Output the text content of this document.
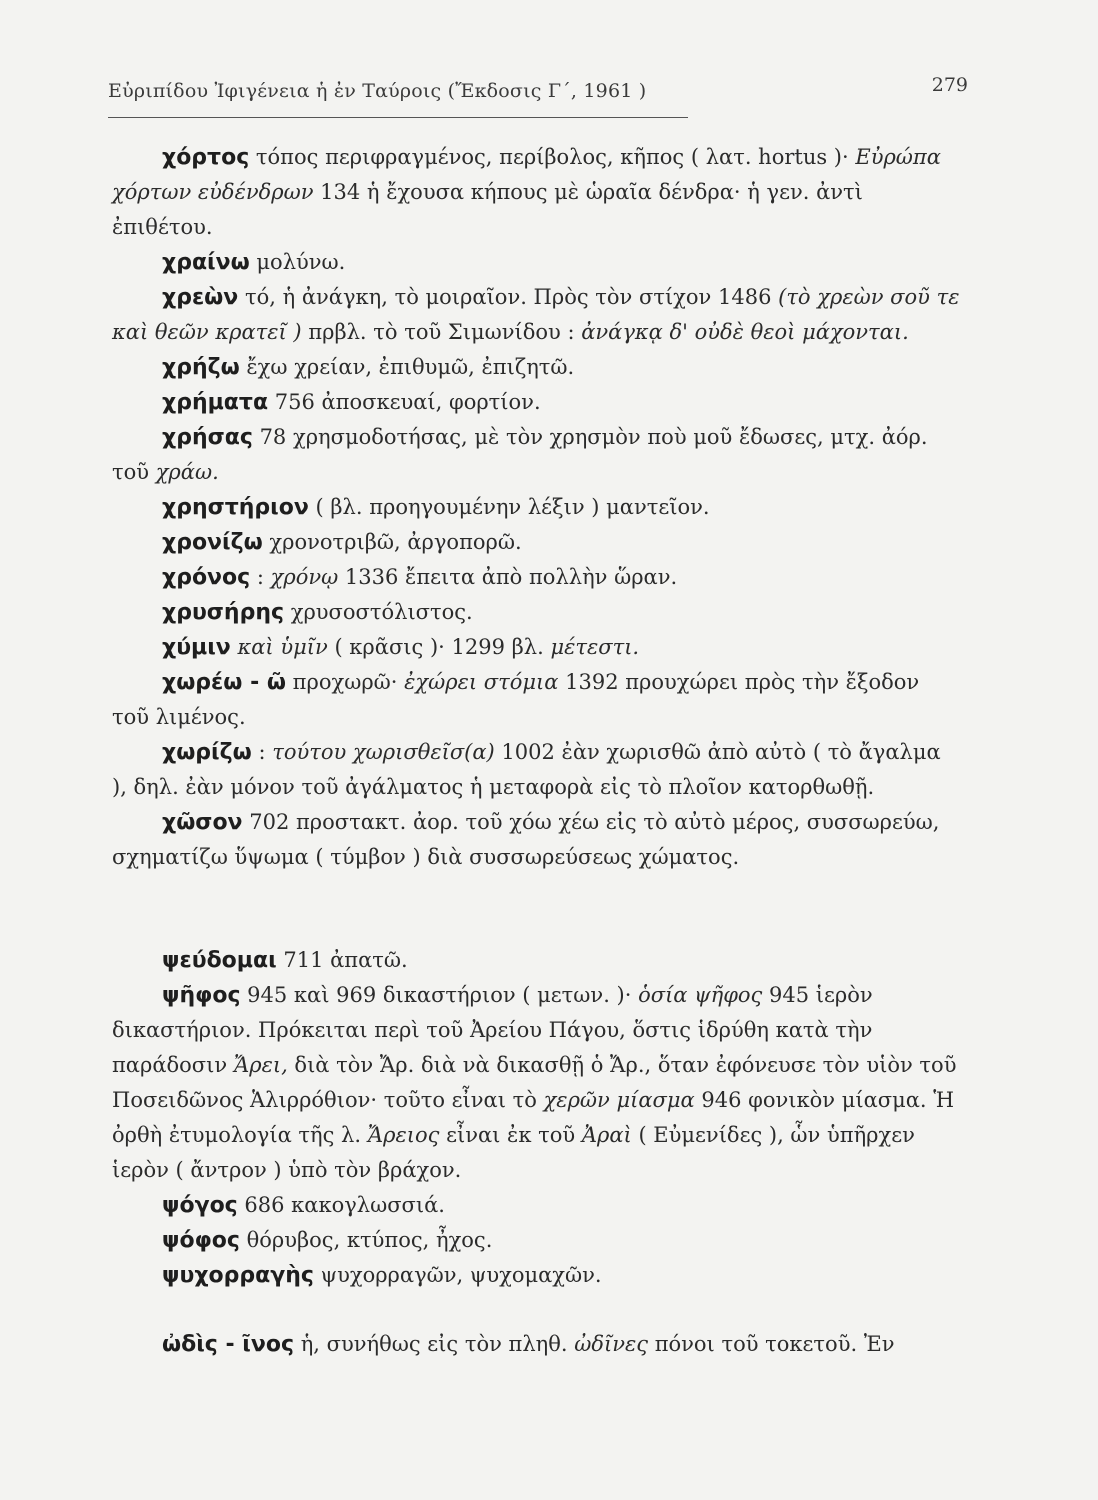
Εὐριπίδου Ἰφιγένεια ἡ ἐν Ταύροις (Ἔκδοσις Γ΄, 1961 )	279
χόρτος τόπος περιφραγμένος, περίβολος, κῆπος ( λατ. hortus )· Εὐρώπα χόρτων εὐδένδρων 134 ἡ ἔχουσα κήπους μὲ ὡραῖα δένδρα· ἡ γεν. ἀντὶ ἐπιθέτου.
χραίνω μολύνω.
χρεὼν τό, ἡ ἀνάγκη, τὸ μοιραῖον. Πρὸς τὸν στίχον 1486 (τὸ χρεὼν σοῦ τε καὶ θεῶν κρατεῖ ) πρβλ. τὸ τοῦ Σιμωνίδου : ἀνάγκᾳ δ' οὐδὲ θεοὶ μάχονται.
χρήζω ἔχω χρείαν, ἐπιθυμῶ, ἐπιζητῶ.
χρήματα 756 ἀποσκευαί, φορτίον.
χρήσας 78 χρησμοδοτήσας, μὲ τὸν χρησμὸν ποὺ μοῦ ἔδωσες, μτχ. ἀόρ. τοῦ χράω.
χρηστήριον ( βλ. προηγουμένην λέξιν ) μαντεῖον.
χρονίζω χρονοτριβῶ, ἀργοπορῶ.
χρόνος : χρόνῳ 1336 ἔπειτα ἀπὸ πολλὴν ὥραν.
χρυσήρης χρυσοστόλιστος.
χύμιν καὶ ὑμῖν ( κρᾶσις )· 1299 βλ. μέτεστι.
χωρέω - ῶ προχωρῶ· ἐχώρει στόμια 1392 προυχώρει πρὸς τὴν ἔξοδον τοῦ λιμένος.
χωρίζω : τούτου χωρισθεῖσ(α) 1002 ἐὰν χωρισθῶ ἀπὸ αὐτὸ ( τὸ ἄγαλμα ), δηλ. ἐὰν μόνον τοῦ ἀγάλματος ἡ μεταφορὰ εἰς τὸ πλοῖον κατορθωθῇ.
χῶσον 702 προστακτ. ἀορ. τοῦ χόω χέω εἰς τὸ αὐτὸ μέρος, συσσωρεύω, σχηματίζω ὕψωμα ( τύμβον ) διὰ συσσωρεύσεως χώματος.
ψεύδομαι 711 ἀπατῶ.
ψῆφος 945 καὶ 969 δικαστήριον ( μετων. )· ὁσία ψῆφος 945 ἱερὸν δικαστήριον. Πρόκειται περὶ τοῦ Ἀρείου Πάγου, ὅστις ἱδρύθη κατὰ τὴν παράδοσιν Ἄρει, διὰ τὸν Ἄρ. διὰ νὰ δικασθῇ ὁ Ἄρ., ὅταν ἐφόνευσε τὸν υἱὸν τοῦ Ποσειδῶνος Ἁλιρρόθιον· τοῦτο εἶναι τὸ χερῶν μίασμα 946 φονικὸν μίασμα. Ἡ ὀρθὴ ἐτυμολογία τῆς λ. Ἄρειος εἶναι ἐκ τοῦ Ἀραὶ ( Εὐμενίδες ), ὧν ὑπῆρχεν ἱερὸν ( ἄντρον ) ὑπὸ τὸν βράχον.
ψόγος 686 κακογλωσσιά.
ψόφος θόρυβος, κτύπος, ἦχος.
ψυχορραγὴς ψυχορραγῶν, ψυχομαχῶν.
ὠδὶς - ῖνος ἡ, συνήθως εἰς τὸν πληθ. ὠδῖνες πόνοι τοῦ τοκετοῦ. Ἐν
